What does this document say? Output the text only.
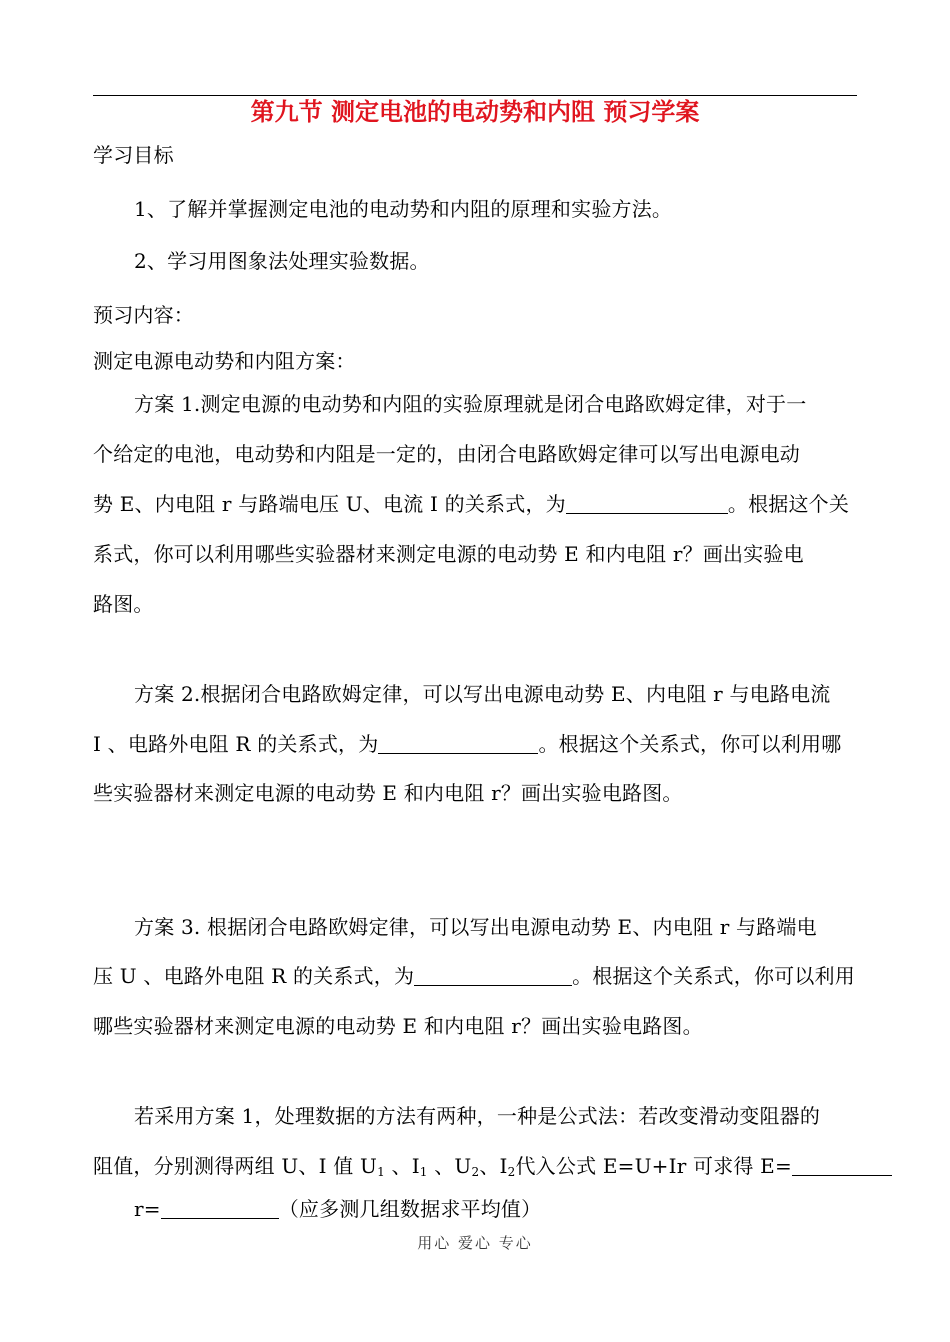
第九节 测定电池的电动势和内阻 预习学案
学习目标
1、了解并掌握测定电池的电动势和内阻的原理和实验方法。
2、学习用图象法处理实验数据。
预习内容：
测定电源电动势和内阻方案：
方案 1.测定电源的电动势和内阻的实验原理就是闭合电路欧姆定律，对于一
个给定的电池，电动势和内阻是一定的，由闭合电路欧姆定律可以写出电源电动
势 E、内电阻 r 与路端电压 U、电流 I 的关系式，为	。根据这个关
系式，你可以利用哪些实验器材来测定电源的电动势 E 和内电阻 r？画出实验电
路图。
方案 2.根据闭合电路欧姆定律，可以写出电源电动势 E、内电阻 r 与电路电流
I 、电路外电阻 R 的关系式，为	。根据这个关系式，你可以利用哪
些实验器材来测定电源的电动势 E 和内电阻 r？画出实验电路图。
方案 3. 根据闭合电路欧姆定律，可以写出电源电动势 E、内电阻 r 与路端电
压 U 、电路外电阻 R 的关系式，为	。根据这个关系式，你可以利用
哪些实验器材来测定电源的电动势 E 和内电阻 r？画出实验电路图。
若采用方案 1，处理数据的方法有两种，一种是公式法：若改变滑动变阻器的
阻值，分别测得两组 U、I 值 $U_1$ 、$I_1$ 、$U_2$、$I_2$代入公式 E=U+Ir 可求得 E=
r=	（应多测几组数据求平均值）
用心 爱心 专心
